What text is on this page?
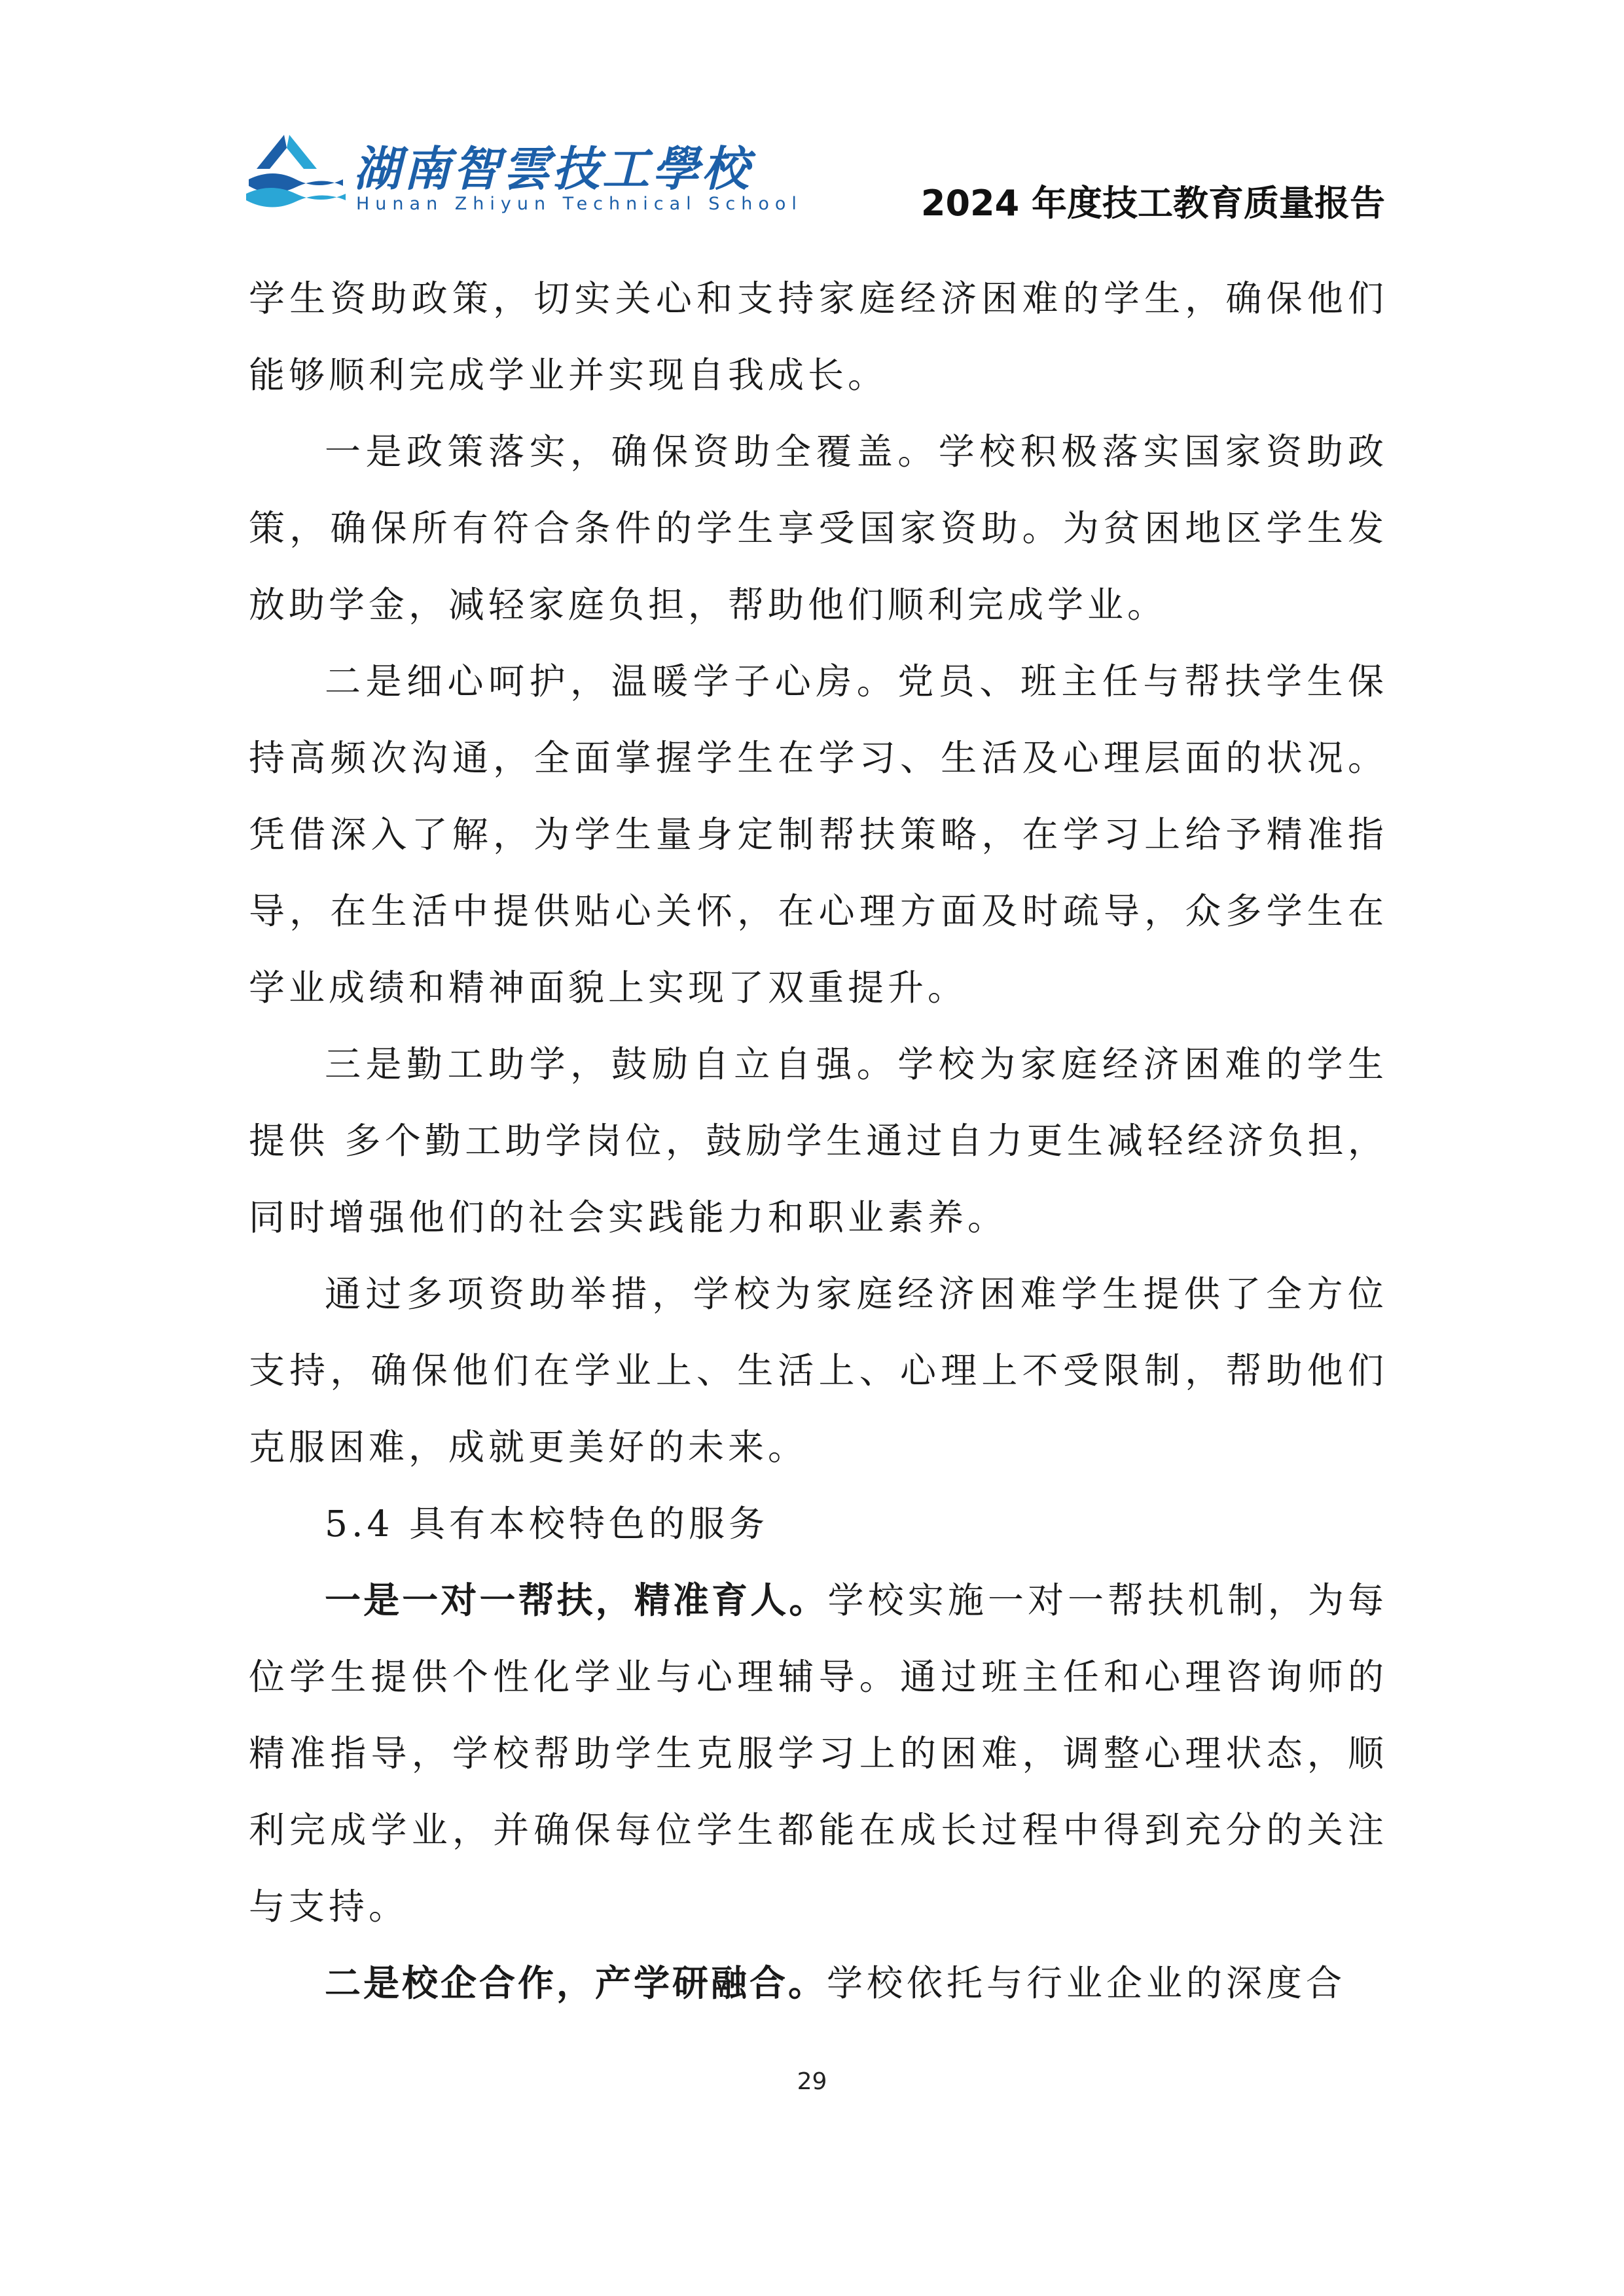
湖南智雲技工學校
Hunan Zhiyun Technical School	2024 年度技工教育质量报告

学生资助政策，切实关心和支持家庭经济困难的学生，确保他们能够顺利完成学业并实现自我成长。

一是政策落实，确保资助全覆盖。学校积极落实国家资助政策，确保所有符合条件的学生享受国家资助。为贫困地区学生发放助学金，减轻家庭负担，帮助他们顺利完成学业。

二是细心呵护，温暖学子心房。党员、班主任与帮扶学生保持高频次沟通，全面掌握学生在学习、生活及心理层面的状况。凭借深入了解，为学生量身定制帮扶策略，在学习上给予精准指导，在生活中提供贴心关怀，在心理方面及时疏导，众多学生在学业成绩和精神面貌上实现了双重提升。

三是勤工助学，鼓励自立自强。学校为家庭经济困难的学生提供 多个勤工助学岗位，鼓励学生通过自力更生减轻经济负担，同时增强他们的社会实践能力和职业素养。

通过多项资助举措，学校为家庭经济困难学生提供了全方位支持，确保他们在学业上、生活上、心理上不受限制，帮助他们克服困难，成就更美好的未来。

5.4 具有本校特色的服务

一是一对一帮扶，精准育人。学校实施一对一帮扶机制，为每位学生提供个性化学业与心理辅导。通过班主任和心理咨询师的精准指导，学校帮助学生克服学习上的困难，调整心理状态，顺利完成学业，并确保每位学生都能在成长过程中得到充分的关注与支持。

二是校企合作，产学研融合。学校依托与行业企业的深度合

29
